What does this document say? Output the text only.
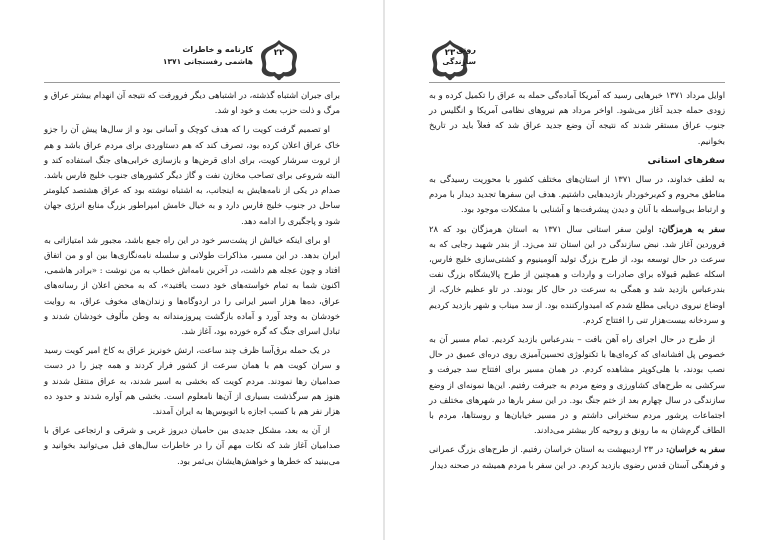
۲۲
کارنامه و خاطرات
هاشمی رفسنجانی ۱۳۷۱

برای جبران اشتباه گذشته، در اشتباهی دیگر فرورفت که نتیجه آن انهدام بیشتر عراق و مرگ و ذلت حزب بعث و خود او شد.

او تصمیم گرفت کویت را که هدف کوچک و آسانی بود و از سال‌ها پیش آن را جزو خاک عراق اعلان کرده بود، تصرف کند که هم دستاوردی برای مردم عراق باشد و هم از ثروت سرشار کویت، برای ادای قرض‌ها و بازسازی خرابی‌های جنگ استفاده کند و البته شروعی برای تصاحب مخازن نفت و گاز دیگر کشورهای جنوب خلیج فارس باشد. صدام در یکی از نامه‌هایش به اینجانب، به اشتباه نوشته بود که عراق هشتصد کیلومتر ساحل در جنوب خلیج فارس دارد و به خیال خامش امپراطور بزرگ منابع انرژی جهان شود و پاجگیری را ادامه دهد.

او برای اینکه خیالش از پشت‌سر خود در این راه جمع باشد، مجبور شد امتیازاتی به ایران بدهد. در این مسیر، مذاکرات طولانی و سلسله نامه‌نگاری‌ها بین او و من اتفاق افتاد و چون عجله هم داشت، در آخرین نامه‌اش خطاب به من نوشت : «برادر هاشمی، اکنون شما به تمام خواسته‌های خود دست یافتید»، که به محض اعلان از رسانه‌های عراق، ده‌ها هزار اسیر ایرانی را در اردوگاه‌ها و زندان‌های مخوف عراق، به روایت خودشان به وجد آورد و آماده بازگشت پیروزمندانه به وطن مألوف خودشان شدند و تبادل اسرای جنگ که گره خورده بود، آغاز شد.

در یک حمله برق‌آسا ظرف چند ساعت، ارتش خونریز عراق به کاخ امیر کویت رسید و سران کویت هم با همان سرعت از کشور فرار کردند و همه چیز را در دست صدامیان رها نمودند. مردم کویت که بخشی به اسیر شدند، به عراق منتقل شدند و هنوز هم سرگذشت بسیاری از آن‌ها نامعلوم است. بخشی هم آواره شدند و حدود ده هزار نفر هم با کسب اجازه با اتوبوس‌ها به ایران آمدند.

از آن به بعد، مشکل جدیدی بین حامیان دیروز غربی و شرقی و ارتجاعی عراق با صدامیان آغاز شد که نکات مهم آن را در خاطرات سال‌های قبل می‌توانید بخوانید و می‌بینید که خطرها و خواهش‌هایشان بی‌ثمر بود.

۲۳ رونق
سازندگی

اوایل مرداد ۱۳۷۱ خبرهایی رسید که آمریکا آماده‌گی حمله به عراق را تکمیل کرده و به زودی حمله جدید آغاز می‌شود. اواخر مرداد هم نیروهای نظامی آمریکا و انگلیس در جنوب عراق مستقر شدند که نتیجه آن وضع جدید عراق شد که فعلاً باید در تاریخ بخوانیم.

سفرهای استانی

به لطف خداوند، در سال ۱۳۷۱ از استان‌های مختلف کشور با محوریت رسیدگی به مناطق محروم و کم‌برخوردار بازدیدهایی داشتیم. هدف این سفرها تجدید دیدار با مردم و ارتباط بی‌واسطه با آنان و دیدن پیشرفت‌ها و آشنایی با مشکلات موجود بود.

سفر به هرمزگان: اولین سفر استانی سال ۱۳۷۱ به استان هرمزگان بود که ۲۸ فروردین آغاز شد. نبض سازندگی در این استان تند می‌زد. از بندر شهید رجایی که به سرعت در حال توسعه بود، از طرح بزرگ تولید آلومینیوم و کشتی‌سازی خلیج فارس، اسکله عظیم قبولاه برای صادرات و واردات و همچنین از طرح پالایشگاه بزرگ نفت بندرعباس بازدید شد و همگی به سرعت در حال کار بودند. در تاو عظیم خارک، از اوضاع نیروی دریایی مطلع شدم که امیدوارکننده بود. از سد میناب و شهر بازدید کردیم و سردخانه بیست‌هزار تنی را افتتاح کردم.

از طرح در حال اجرای راه آهن بافت – بندرعباس بازدید کردیم. تمام مسیر آن به خصوص پل افشانه‌ای که کره‌ای‌ها با تکنولوژی تحسین‌آمیزی روی دره‌ای عمیق در حال نصب بودند، با هلی‌کوپتر مشاهده کردم. در همان مسیر برای افتتاح سد جیرفت و سرکشی به طرح‌های کشاورزی و وضع مردم به جیرفت رفتیم. این‌ها نمونه‌ای از وضع سازندگی در سال چهارم بعد از ختم جنگ بود. در این سفر بارها در شهرهای مختلف در اجتماعات پرشور مردم سخنرانی داشتم و در مسیر خیابان‌ها و روستاها، مردم با الطاف گرم‌شان به ما رونق و روحیه کار بیشتر می‌دادند.

سفر به خراسان: در ۲۳ اردیبهشت به استان خراسان رفتیم. از طرح‌های بزرگ عمرانی و فرهنگی آستان قدس رضوی بازدید کردم. در این سفر با مردم همیشه در صحنه دیدار
